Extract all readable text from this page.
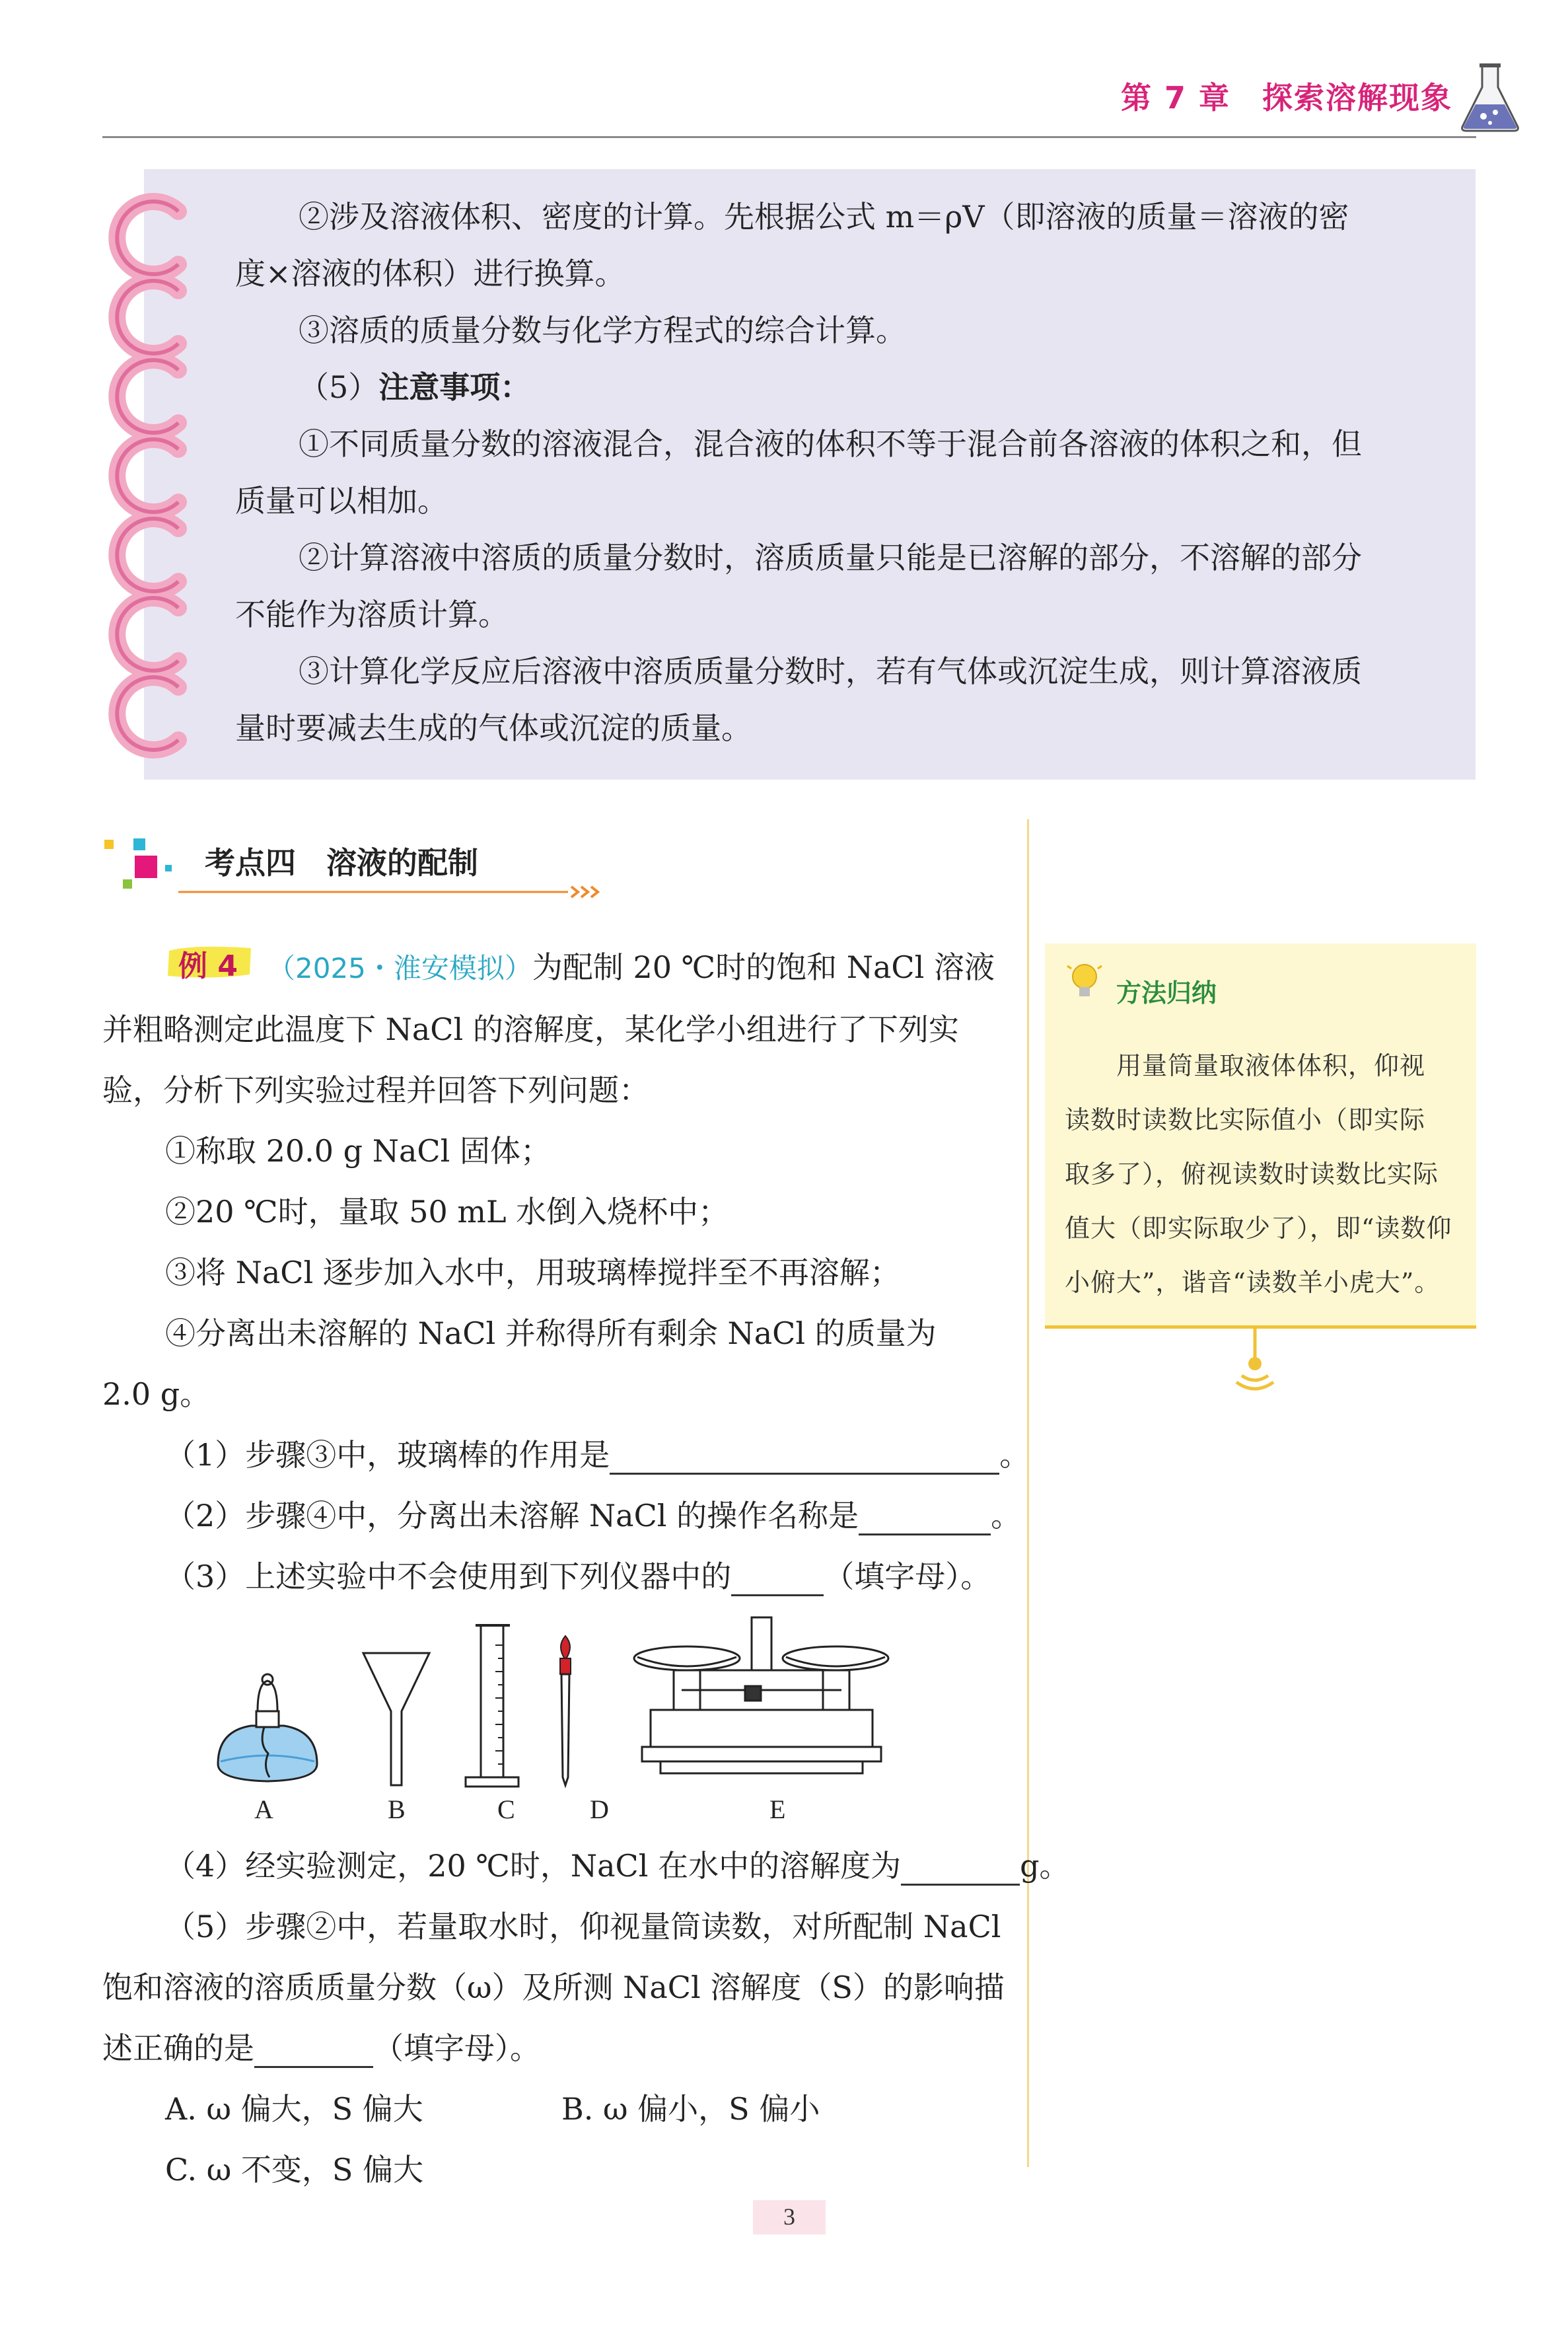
第 7 章　探索溶解现象
②涉及溶液体积、密度的计算。先根据公式 m＝ρV（即溶液的质量＝溶液的密
度×溶液的体积）进行换算。
③溶质的质量分数与化学方程式的综合计算。
（5）注意事项：
①不同质量分数的溶液混合，混合液的体积不等于混合前各溶液的体积之和，但
质量可以相加。
②计算溶液中溶质的质量分数时，溶质质量只能是已溶解的部分，不溶解的部分
不能作为溶质计算。
③计算化学反应后溶液中溶质质量分数时，若有气体或沉淀生成，则计算溶液质
量时要减去生成的气体或沉淀的质量。
考点四　溶液的配制
例 4 （2025・淮安模拟）为配制 20 ℃时的饱和 NaCl 溶液
并粗略测定此温度下 NaCl 的溶解度，某化学小组进行了下列实
验，分析下列实验过程并回答下列问题：
①称取 20.0 g NaCl 固体；
②20 ℃时，量取 50 mL 水倒入烧杯中；
③将 NaCl 逐步加入水中，用玻璃棒搅拌至不再溶解；
④分离出未溶解的 NaCl 并称得所有剩余 NaCl 的质量为
2.0 g。
（1）步骤③中，玻璃棒的作用是	。
（2）步骤④中，分离出未溶解 NaCl 的操作名称是	。
（3）上述实验中不会使用到下列仪器中的	（填字母）。
A	B	C	D	E
（4）经实验测定，20 ℃时，NaCl 在水中的溶解度为	g。
（5）步骤②中，若量取水时，仰视量筒读数，对所配制 NaCl
饱和溶液的溶质质量分数（ω）及所测 NaCl 溶解度（S）的影响描
述正确的是	（填字母）。
A. ω 偏大，S 偏大	B. ω 偏小，S 偏小
C. ω 不变，S 偏大
方法归纳
用量筒量取液体体积，仰视
读数时读数比实际值小（即实际
取多了），俯视读数时读数比实际
值大（即实际取少了），即“读数仰
小俯大”，谐音“读数羊小虎大”。
3
